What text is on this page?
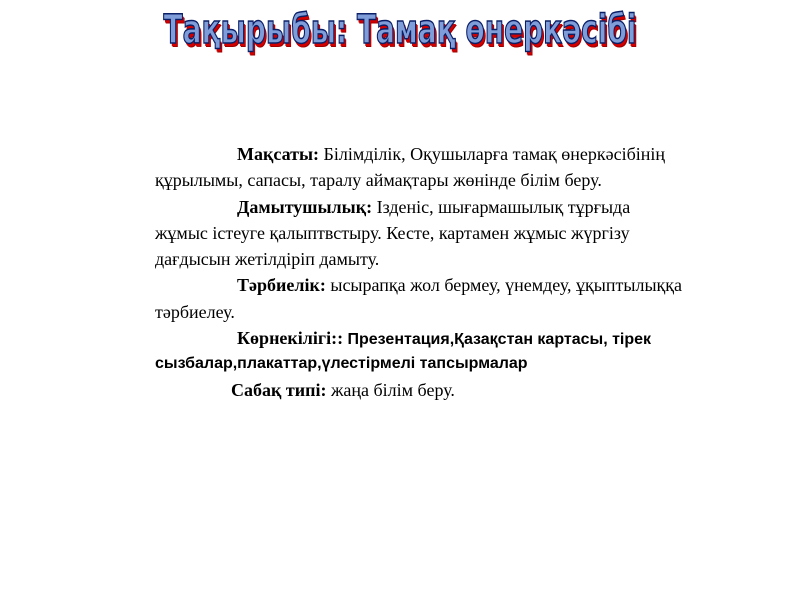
Тақырыбы: Тамақ өнеркәсібі

Мақсаты: Білімділік, Оқушыларға тамақ өнеркәсібінің құрылымы, сапасы, таралу аймақтары жөнінде білім беру.

Дамытушылық: Ізденіс, шығармашылық тұрғыда жұмыс істеуге қалыптвстыру. Кесте, картамен жұмыс жүргізу дағдысын жетілдіріп дамыту.

Тәрбиелік: ысырапқа жол бермеу, үнемдеу, ұқыптылыққа тәрбиелеу.

Көрнекілігі:: Презентация,Қазақстан картасы, тірек сызбалар,плакаттар,үлестірмелі тапсырмалар

Сабақ типі: жаңа білім беру.
